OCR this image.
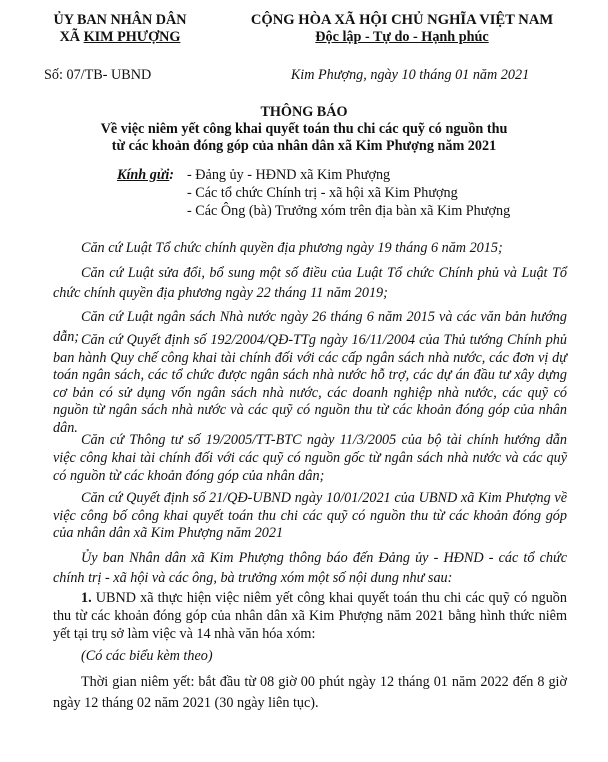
ỦY BAN NHÂN DÂN
XÃ KIM PHƯỢNG
CỘNG HÒA XÃ HỘI CHỦ NGHĨA VIỆT NAM
Độc lập - Tự do - Hạnh phúc
Số: 07/TB- UBND	Kim Phượng, ngày 10 tháng 01 năm 2021
THÔNG BÁO
Về việc niêm yết công khai quyết toán thu chi các quỹ có nguồn thu
từ các khoản đóng góp của nhân dân xã Kim Phượng năm 2021
Kính gửi: - Đảng ủy - HĐND xã Kim Phượng
- Các tổ chức Chính trị - xã hội xã Kim Phượng
- Các Ông (bà) Trưởng xóm trên địa bàn xã Kim Phượng

Căn cứ Luật Tổ chức chính quyền địa phương ngày 19 tháng 6 năm 2015;

Căn cứ Luật sửa đổi, bổ sung một số điều của Luật Tổ chức Chính phủ và Luật Tổ chức chính quyền địa phương ngày 22 tháng 11 năm 2019;

Căn cứ Luật ngân sách Nhà nước ngày 26 tháng 6 năm 2015 và các văn bản hướng dẫn; Căn cứ Quyết định số 192/2004/QĐ-TTg ngày 16/11/2004 của Thủ tướng Chính phủ ban hành Quy chế công khai tài chính đối với các cấp ngân sách nhà nước, các đơn vị dự toán ngân sách, các tổ chức được ngân sách nhà nước hỗ trợ, các dự án đầu tư xây dựng cơ bản có sử dụng vốn ngân sách nhà nước, các doanh nghiệp nhà nước, các quỹ có nguồn từ ngân sách nhà nước và các quỹ có nguồn thu từ các khoản đóng góp của nhân dân.

Căn cứ Thông tư số 19/2005/TT-BTC ngày 11/3/2005 của bộ tài chính hướng dẫn việc công khai tài chính đối với các quỹ có nguồn gốc từ ngân sách nhà nước và các quỹ có nguồn từ các khoản đóng góp của nhân dân;

Căn cứ Quyết định số 21/QĐ-UBND ngày 10/01/2021 của UBND xã Kim Phượng về việc công bố công khai quyết toán thu chi các quỹ có nguồn thu từ các khoản đóng góp của nhân dân xã Kim Phượng năm 2021

Ủy ban Nhân dân xã Kim Phượng thông báo đến Đảng ủy - HĐND - các tổ chức chính trị - xã hội và các ông, bà trưởng xóm một số nội dung như sau:

1. UBND xã thực hiện việc niêm yết công khai quyết toán thu chi các quỹ có nguồn thu từ các khoản đóng góp của nhân dân xã Kim Phượng năm 2021 bằng hình thức niêm yết tại trụ sở làm việc và 14 nhà văn hóa xóm:

(Có các biểu kèm theo)

Thời gian niêm yết: bắt đầu từ 08 giờ 00 phút ngày 12 tháng 01 năm 2022 đến 8 giờ ngày 12 tháng 02 năm 2021 (30 ngày liên tục).
